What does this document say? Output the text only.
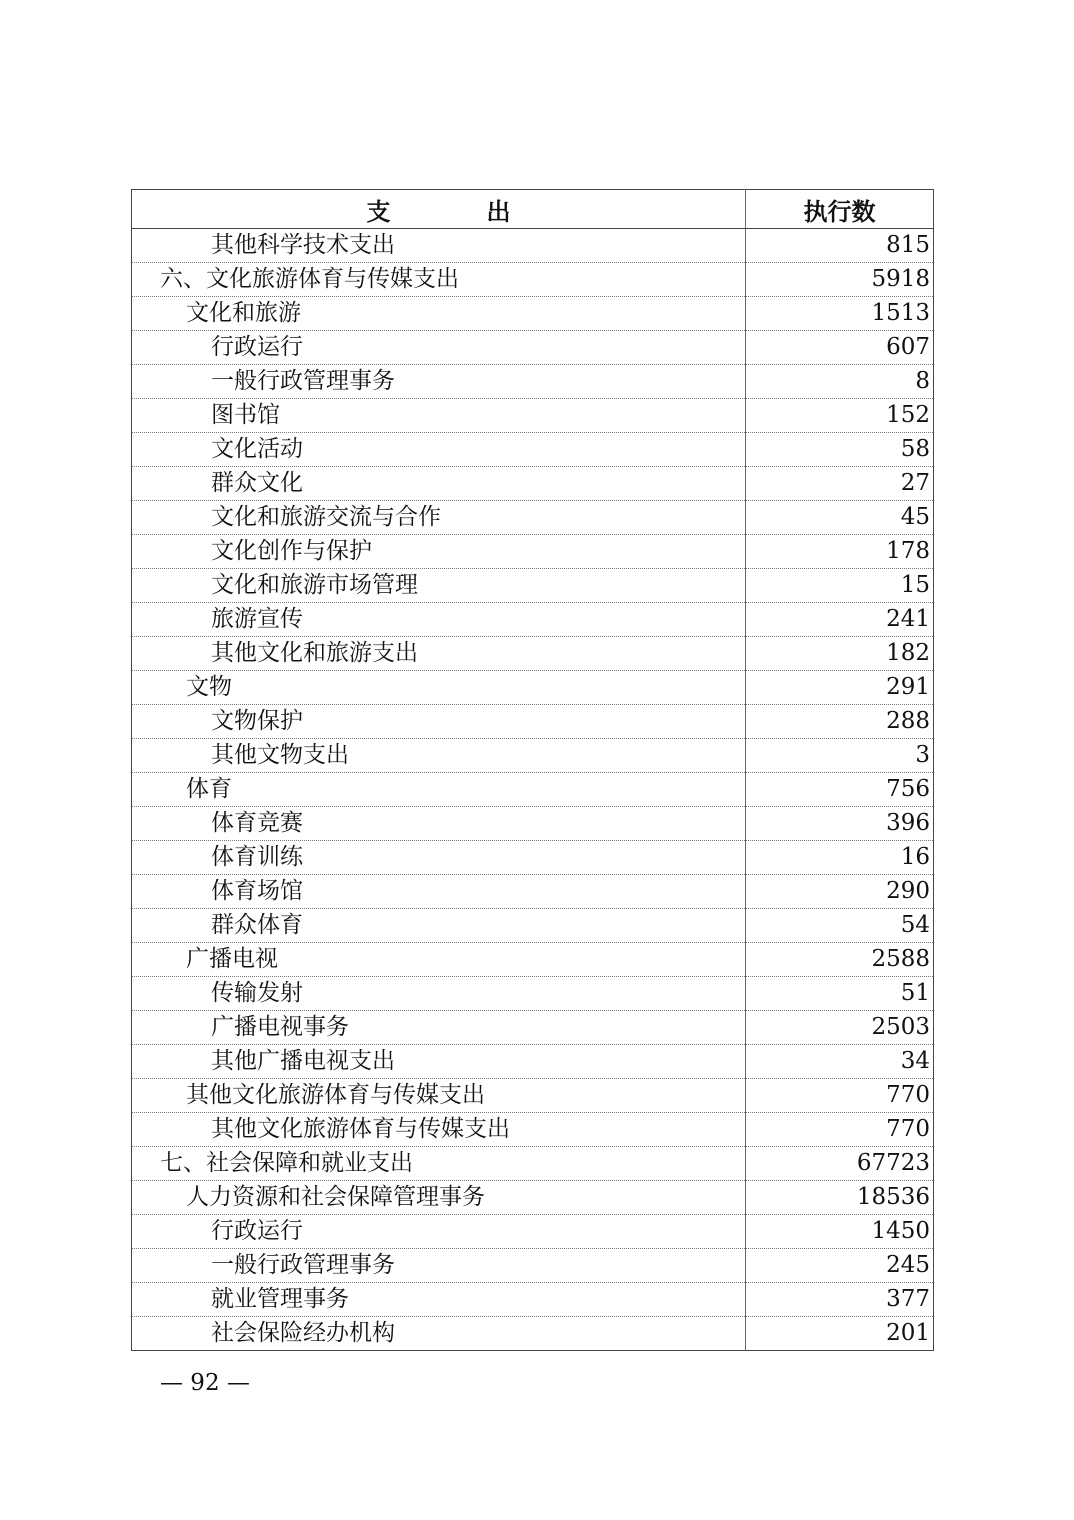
支　　　　出	执行数
其他科学技术支出	815
六、文化旅游体育与传媒支出	5918
文化和旅游	1513
行政运行	607
一般行政管理事务	8
图书馆	152
文化活动	58
群众文化	27
文化和旅游交流与合作	45
文化创作与保护	178
文化和旅游市场管理	15
旅游宣传	241
其他文化和旅游支出	182
文物	291
文物保护	288
其他文物支出	3
体育	756
体育竞赛	396
体育训练	16
体育场馆	290
群众体育	54
广播电视	2588
传输发射	51
广播电视事务	2503
其他广播电视支出	34
其他文化旅游体育与传媒支出	770
其他文化旅游体育与传媒支出	770
七、社会保障和就业支出	67723
人力资源和社会保障管理事务	18536
行政运行	1450
一般行政管理事务	245
就业管理事务	377
社会保险经办机构	201
— 92 —
